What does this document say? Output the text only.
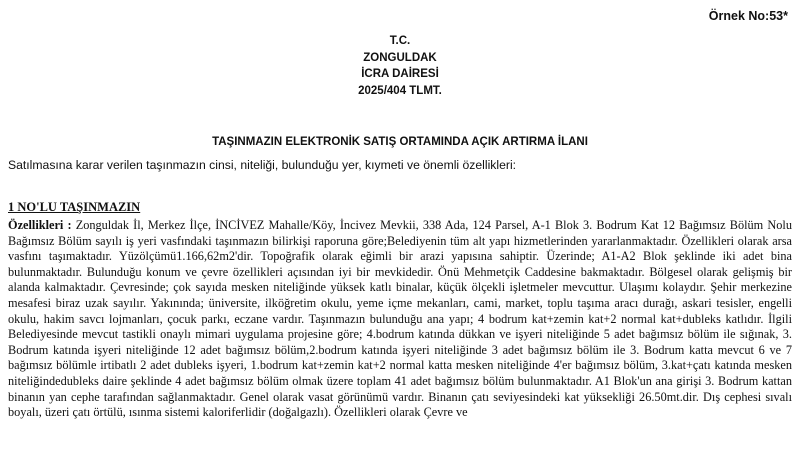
Örnek No:53*
T.C.
ZONGULDAK
İCRA DAİRESİ
2025/404 TLMT.
TAŞINMAZIN ELEKTRONİK SATIŞ ORTAMINDA AÇIK ARTIRMA İLANI
Satılmasına karar verilen taşınmazın cinsi, niteliği, bulunduğu yer, kıymeti ve önemli özellikleri:
1 NO'LU TAŞINMAZIN
Özellikleri : Zonguldak İl, Merkez İlçe, İNCİVEZ Mahalle/Köy, İncivez Mevkii, 338 Ada, 124 Parsel, A-1 Blok 3. Bodrum Kat 12 Bağımsız Bölüm Nolu Bağımsız Bölüm sayılı iş yeri vasfındaki taşınmazın bilirkişi raporuna göre;Belediyenin tüm alt yapı hizmetlerinden yararlanmaktadır. Özellikleri olarak arsa vasfını taşımaktadır. Yüzölçümü1.166,62m2'dir. Topoğrafik olarak eğimli bir arazi yapısına sahiptir. Üzerinde; A1-A2 Blok şeklinde iki adet bina bulunmaktadır. Bulunduğu konum ve çevre özellikleri açısından iyi bir mevkidedir. Önü Mehmetçik Caddesine bakmaktadır. Bölgesel olarak gelişmiş bir alanda kalmaktadır. Çevresinde; çok sayıda mesken niteliğinde yüksek katlı binalar, küçük ölçekli işletmeler mevcuttur. Ulaşımı kolaydır. Şehir merkezine mesafesi biraz uzak sayılır. Yakınında; üniversite, ilköğretim okulu, yeme içme mekanları, cami, market, toplu taşıma aracı durağı, askari tesisler, engelli okulu, hakim savcı lojmanları, çocuk parkı, eczane vardır. Taşınmazın bulunduğu ana yapı; 4 bodrum kat+zemin kat+2 normal kat+dubleks katlıdır. İlgili Belediyesinde mevcut tastikli onaylı mimari uygulama projesine göre; 4.bodrum katında dükkan ve işyeri niteliğinde 5 adet bağımsız bölüm ile sığınak, 3. Bodrum katında işyeri niteliğinde 12 adet bağımsız bölüm,2.bodrum katında işyeri niteliğinde 3 adet bağımsız bölüm ile 3. Bodrum katta mevcut 6 ve 7 bağımsız bölümle irtibatlı 2 adet dubleks işyeri, 1.bodrum kat+zemin kat+2 normal katta mesken niteliğinde 4'er bağımsız bölüm, 3.kat+çatı katında mesken niteliğindedubleks daire şeklinde 4 adet bağımsız bölüm olmak üzere toplam 41 adet bağımsız bölüm bulunmaktadır. A1 Blok'un ana girişi 3. Bodrum kattan binanın yan cephe tarafından sağlanmaktadır. Genel olarak vasat görünümü vardır. Binanın çatı seviyesindeki kat yüksekliği 26.50mt.dir. Dış cephesi sıvalı boyalı, üzeri çatı örtülü, ısınma sistemi kaloriferlidir (doğalgazlı). Özellikleri olarak Çevre ve
